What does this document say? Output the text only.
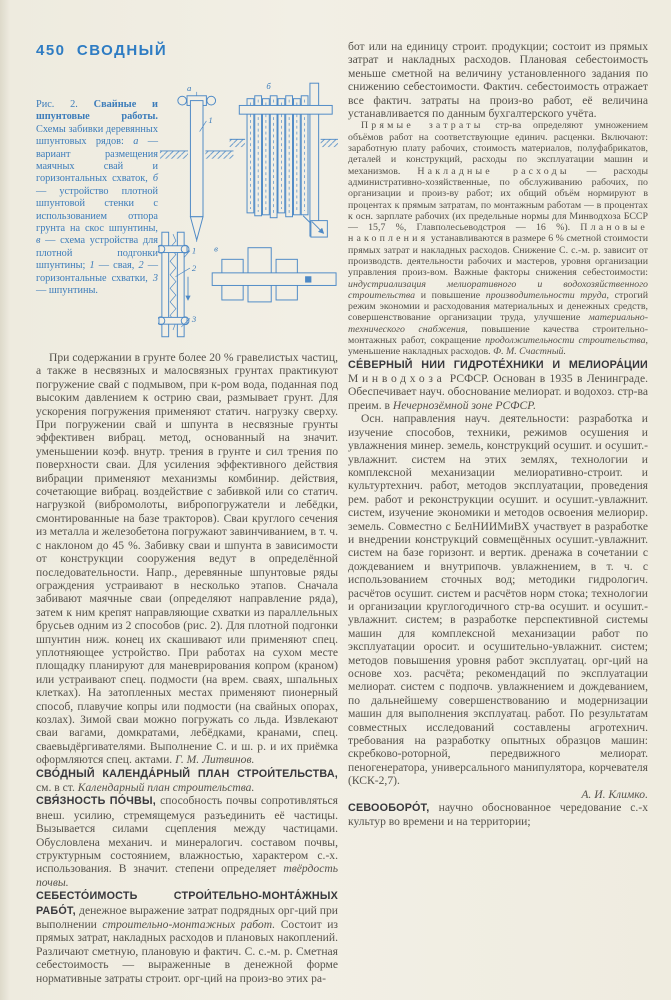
450 СВОДНЫЙ
Рис. 2. Свайные и шпунтовые работы. Схемы забивки деревянных шпунтовых рядов: а — вариант размещения маячных свай и горизонтальных схваток, б — устройство плотной шпунтовой стенки с использованием отпора грунта на скос шпунтины, в — схема устройства для плотной подгонки шпунтины; 1 — свая, 2 — горизонтальные схватки, 3 — шпунтины.
а
1
б
1
2
3
в

При содержании в грунте более 20 % гравелистых частиц, а также в несвязных и малосвязных грунтах практикуют погружение свай с подмывом, при к-ром вода, поданная под высоким давлением к острию сваи, размывает грунт. Для ускорения погружения применяют статич. нагрузку сверху. При погружении свай и шпунта в несвязные грунты эффективен вибрац. метод, основанный на значит. уменьшении коэф. внутр. трения в грунте и сил трения по поверхности сваи. Для усиления эффективного действия вибрации применяют механизмы комбинир. действия, сочетающие вибрац. воздействие с забивкой или со статич. нагрузкой (вибромолоты, вибропогружатели и лебёдки, смонтированные на базе тракторов). Сваи круглого сечения из металла и железобетона погружают завинчиванием, в т. ч. с наклоном до 45 %. Забивку сваи и шпунта в зависимости от конструкции сооружения ведут в определённой последовательности. Напр., деревянные шпунтовые ряды ограждения устраивают в несколько этапов. Сначала забивают маячные сваи (определяют направление ряда), затем к ним крепят направляющие схватки из параллельных брусьев одним из 2 способов (рис. 2). Для плотной подгонки шпунтин ниж. конец их скашивают или применяют спец. уплотняющее устройство. При работах на сухом месте площадку планируют для маневрирования копром (краном) или устраивают спец. подмости (на врем. сваях, шпальных клетках). На затопленных местах применяют пионерный способ, плавучие копры или подмости (на свайных опорах, козлах). Зимой сваи можно погружать со льда. Извлекают сваи вагами, домкратами, лебёдками, кранами, спец. сваевыдёргивателями. Выполнение С. и ш. р. и их приёмка оформляются спец. актами. Г. М. Литвинов.

СВО́ДНЫЙ КАЛЕНДА́РНЫЙ ПЛАН СТРОИ́ТЕЛЬСТВА, см. в ст. Календарный план строительства.

СВЯ́ЗНОСТЬ ПО́ЧВЫ, способность почвы сопротивляться внеш. усилию, стремящемуся разъединить её частицы. Вызывается силами сцепления между частицами. Обусловлена механич. и минералогич. составом почвы, структурным состоянием, влажностью, характером с.-х. использования. В значит. степени определяет твёрдость почвы.

СЕБЕСТО́ИМОСТЬ СТРОИ́ТЕЛЬНО-МОНТА́ЖНЫХ РАБО́Т, денежное выражение затрат подрядных орг-ций при выполнении строительно-монтажных работ. Состоит из прямых затрат, накладных расходов и плановых накоплений. Различают сметную, плановую и фактич. С. с.-м. р. Сметная себестоимость — выраженные в денежной форме нормативные затраты строит. орг-ций на произ-во этих ра-

бот или на единицу строит. продукции; состоит из прямых затрат и накладных расходов. Плановая себестоимость меньше сметной на величину установленного задания по снижению себестоимости. Фактич. себестоимость отражает все фактич. затраты на произ-во работ, её величина устанавливается по данным бухгалтерского учёта.

Прямые затраты стр-ва определяют умножением объёмов работ на соответствующие единич. расценки. Включают: заработную плату рабочих, стоимость материалов, полуфабрикатов, деталей и конструкций, расходы по эксплуатации машин и механизмов. Накладные расходы — расходы административно-хозяйственные, по обслуживанию рабочих, по организации и произ-ву работ; их общий объём нормируют в процентах к прямым затратам, по монтажным работам — в процентах к осн. зарплате рабочих (их предельные нормы для Минводхоза БССР — 15,7 %, Главполесьеводстроя — 16 %). Плановые накопления устанавливаются в размере 6 % сметной стоимости прямых затрат и накладных расходов. Снижение С. с.-м. р. зависит от производств. деятельности рабочих и мастеров, уровня организации управления произ-вом. Важные факторы снижения себестоимости: индустриализация мелиоративного и водохозяйственного строительства и повышение производительности труда, строгий режим экономии и расходования материальных и денежных средств, совершенствование организации труда, улучшение материально-технического снабжения, повышение качества строительно-монтажных работ, сокращение продолжительности строительства, уменьшение накладных расходов. Ф. М. Счастный.

СЕ́ВЕРНЫЙ НИИ ГИДРОТЕ́ХНИКИ И МЕЛИОРА́ЦИИ Минводхоза РСФСР. Основан в 1935 в Ленинграде. Обеспечивает науч. обоснование мелиорат. и водохоз. стр-ва преим. в Нечернозёмной зоне РСФСР.

Осн. направления науч. деятельности: разработка и изучение способов, техники, режимов осушения и увлажнения минер. земель, конструкций осушит. и осушит.-увлажнит. систем на этих землях, технологии и комплексной механизации мелиоративно-строит. и культуртехнич. работ, методов эксплуатации, проведения рем. работ и реконструкции осушит. и осушит.-увлажнит. систем, изучение экономики и методов освоения мелиорир. земель. Совместно с БелНИИМиВХ участвует в разработке и внедрении конструкций совмещённых осушит.-увлажнит. систем на базе горизонт. и вертик. дренажа в сочетании с дождеванием и внутрипочв. увлажнением, в т. ч. с использованием сточных вод; методики гидрологич. расчётов осушит. систем и расчётов норм стока; технологии и организации круглогодичного стр-ва осушит. и осушит.-увлажнит. систем; в разработке перспективной системы машин для комплексной механизации работ по эксплуатации оросит. и осушительно-увлажнит. систем; методов повышения уровня работ эксплуатац. орг-ций на основе хоз. расчёта; рекомендаций по эксплуатации мелиорат. систем с подпочв. увлажнением и дождеванием, по дальнейшему совершенствованию и модернизации машин для выполнения эксплуатац. работ. По результатам совместных исследований составлены агротехнич. требования на разработку опытных образцов машин: скребково-роторной, передвижного мелиорат. пеногенератора, универсального манипулятора, корчевателя (КСК-2,7).

А. И. Климко.

СЕВООБОРО́Т, научно обоснованное чередование с.-х культур во времени и на территории;
